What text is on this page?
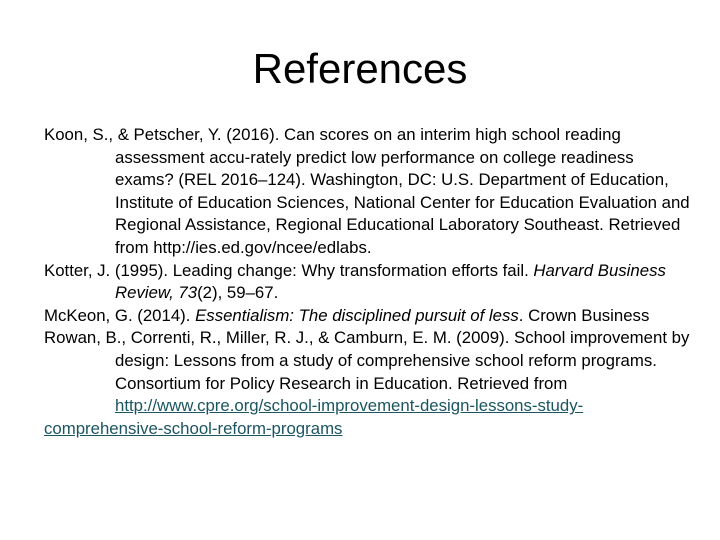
References

Koon, S., & Petscher, Y. (2016). Can scores on an interim high school reading assessment accu-rately predict low performance on college readiness exams? (REL 2016–124). Washington, DC: U.S. Department of Education, Institute of Education Sciences, National Center for Education Evaluation and Regional Assistance, Regional Educational Laboratory Southeast. Retrieved from http://ies.ed.gov/ncee/edlabs.

Kotter, J. (1995). Leading change: Why transformation efforts fail. Harvard Business Review, 73(2), 59–67.

McKeon, G. (2014). Essentialism: The disciplined pursuit of less. Crown Business

Rowan, B., Correnti, R., Miller, R. J., & Camburn, E. M. (2009). School improvement by design: Lessons from a study of comprehensive school reform programs. Consortium for Policy Research in Education. Retrieved from http://www.cpre.org/school-improvement-design-lessons-study-
comprehensive-school-reform-programs
